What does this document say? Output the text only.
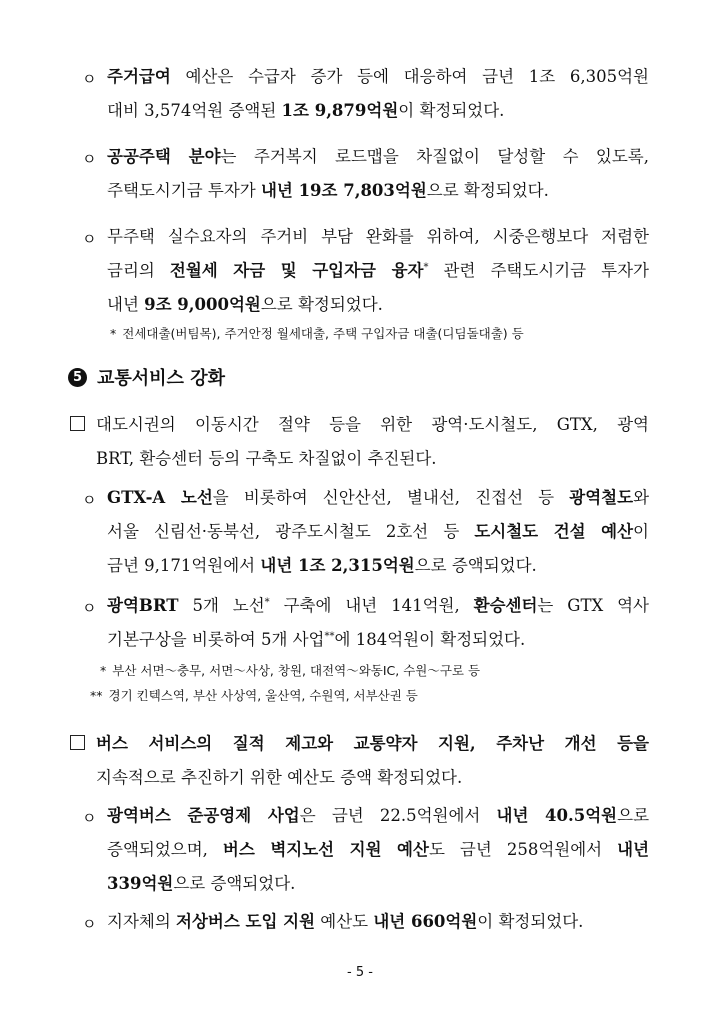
ㅇ
ㅇ
ㅇ
ㅇ
ㅇ
ㅇ
ㅇ
주거급여 예산은 수급자 증가 등에 대응하여 금년 1조 6,305억원
대비 3,574억원 증액된 1조 9,879억원이 확정되었다.
공공주택 분야는 주거복지 로드맵을 차질없이 달성할 수 있도록,
주택도시기금 투자가 내년 19조 7,803억원으로 확정되었다.
무주택 실수요자의 주거비 부담 완화를 위하여, 시중은행보다 저렴한
금리의 전월세 자금 및 구입자금 융자* 관련 주택도시기금 투자가
내년 9조 9,000억원으로 확정되었다.
* 전세대출(버팀목), 주거안정 월세대출, 주택 구입자금 대출(디딤돌대출) 등
5 교통서비스 강화
대도시권의 이동시간 절약 등을 위한 광역·도시철도, GTX, 광역
BRT, 환승센터 등의 구축도 차질없이 추진된다.
GTX-A 노선을 비롯하여 신안산선, 별내선, 진접선 등 광역철도와
서울 신림선·동북선, 광주도시철도 2호선 등 도시철도 건설 예산이
금년 9,171억원에서 내년 1조 2,315억원으로 증액되었다.
광역BRT 5개 노선* 구축에 내년 141억원, 환승센터는 GTX 역사
기본구상을 비롯하여 5개 사업**에 184억원이 확정되었다.
* 부산 서면～충무, 서면～사상, 창원, 대전역～와동IC, 수원～구로 등
** 경기 킨텍스역, 부산 사상역, 울산역, 수원역, 서부산권 등
버스 서비스의 질적 제고와 교통약자 지원, 주차난 개선 등을
지속적으로 추진하기 위한 예산도 증액 확정되었다.
광역버스 준공영제 사업은 금년 22.5억원에서 내년 40.5억원으로
증액되었으며, 버스 벽지노선 지원 예산도 금년 258억원에서 내년
339억원으로 증액되었다.
지자체의 저상버스 도입 지원 예산도 내년 660억원이 확정되었다.
- 5 -
